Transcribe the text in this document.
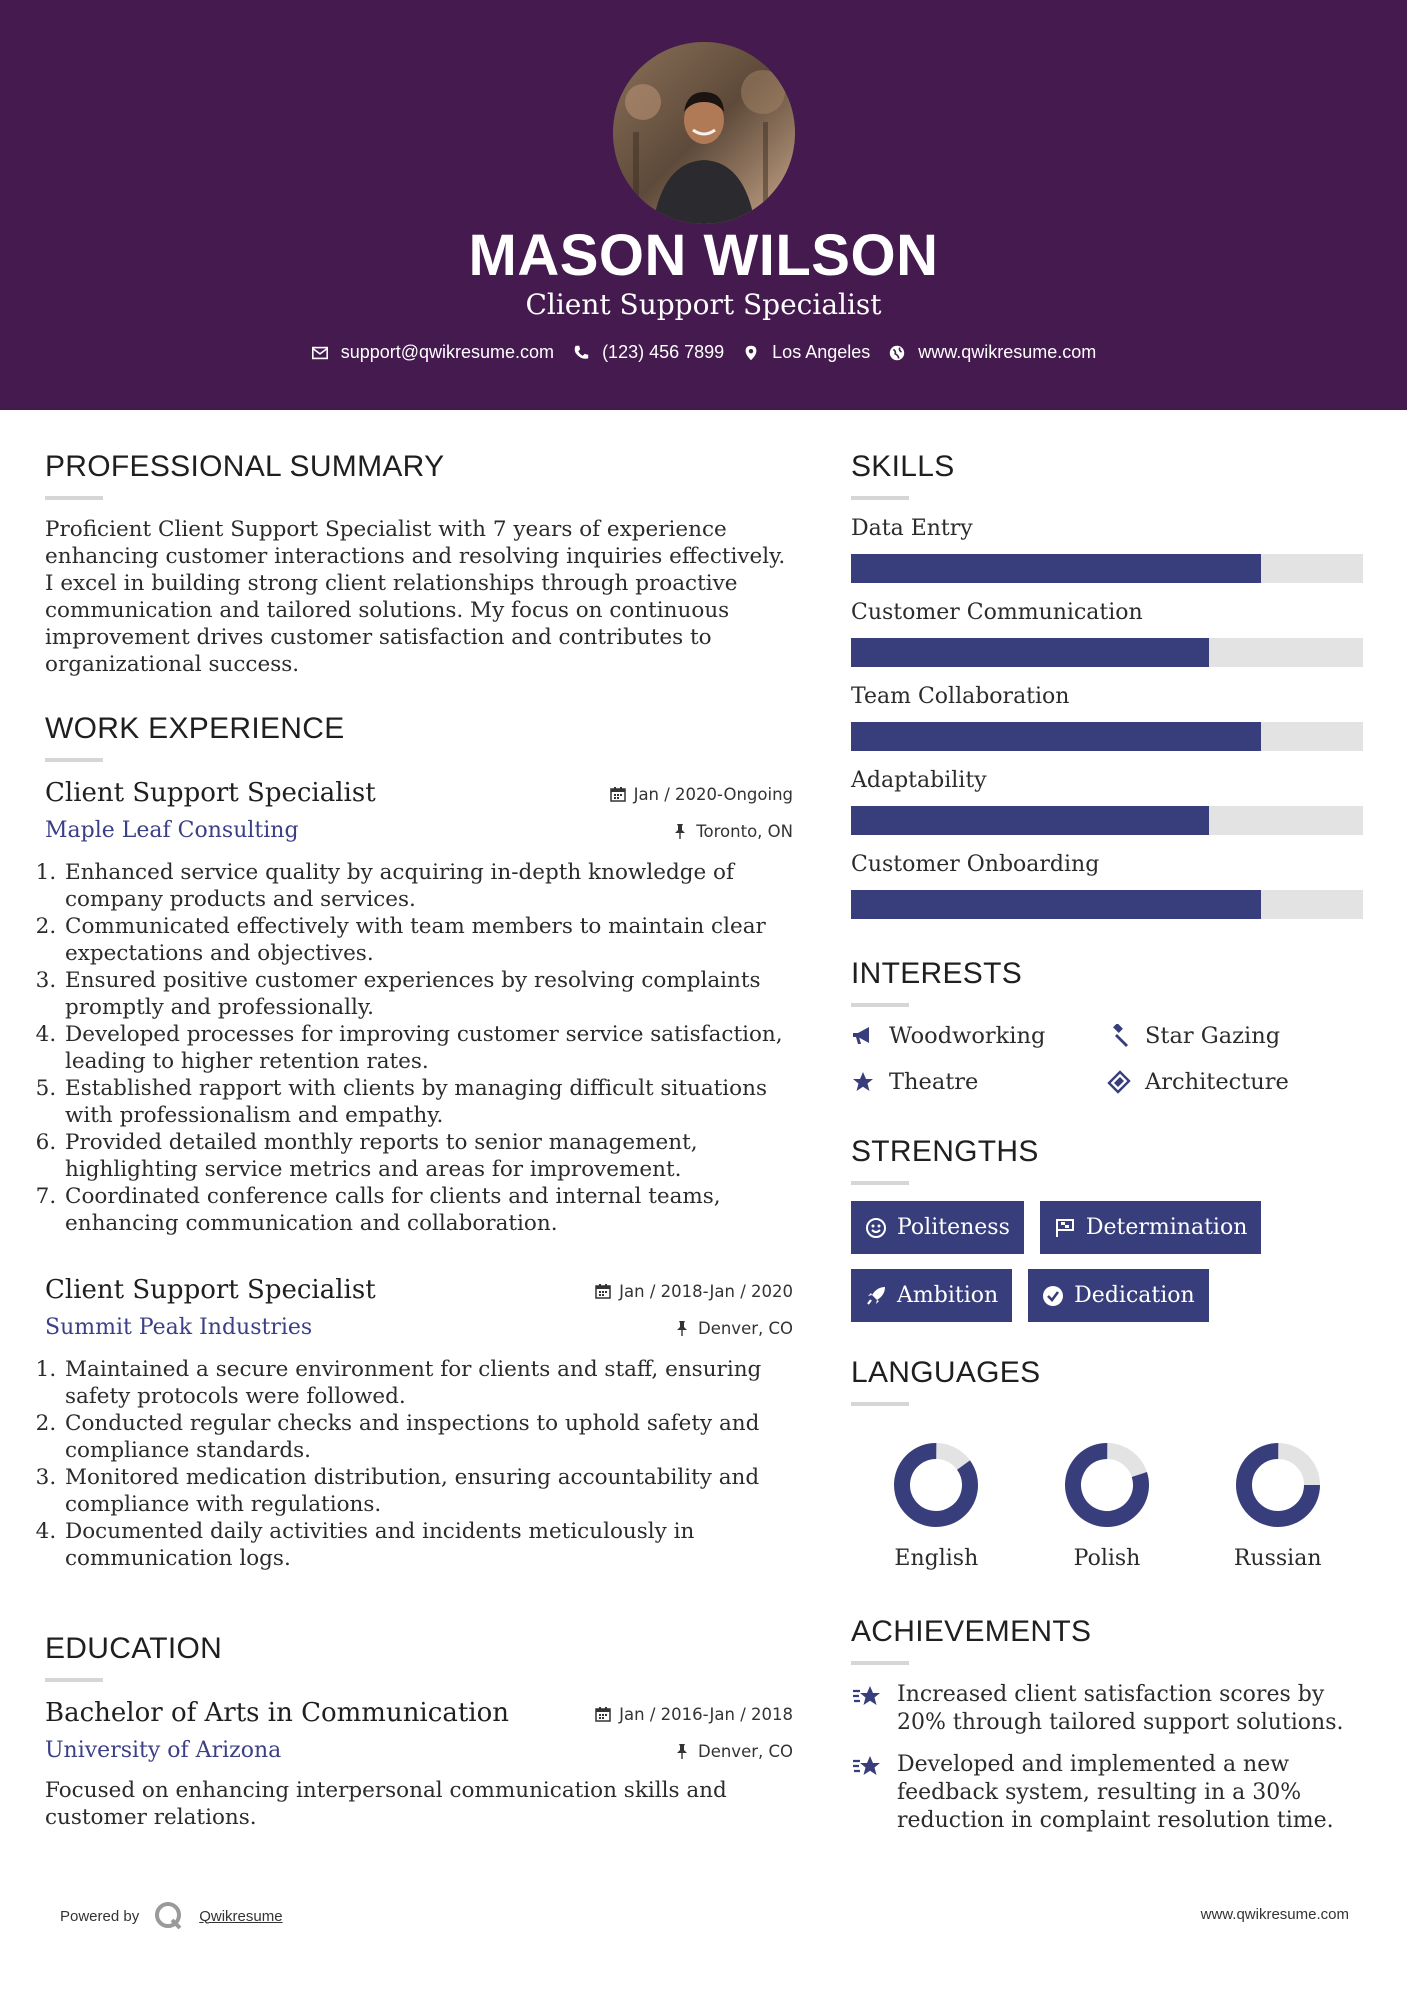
MASON WILSON
Client Support Specialist
support@qwikresume.com	(123) 456 7899	Los Angeles	www.qwikresume.com
PROFESSIONAL SUMMARY

Proficient Client Support Specialist with 7 years of experience enhancing customer interactions and resolving inquiries effectively. I excel in building strong client relationships through proactive communication and tailored solutions. My focus on continuous improvement drives customer satisfaction and contributes to organizational success.

WORK EXPERIENCE
Client Support Specialist
Maple Leaf Consulting
Jan / 2020-Ongoing
Toronto, ON
1. Enhanced service quality by acquiring in-depth knowledge of company products and services.
2. Communicated effectively with team members to maintain clear expectations and objectives.
3. Ensured positive customer experiences by resolving complaints promptly and professionally.
4. Developed processes for improving customer service satisfaction, leading to higher retention rates.
5. Established rapport with clients by managing difficult situations with professionalism and empathy.
6. Provided detailed monthly reports to senior management, highlighting service metrics and areas for improvement.
7. Coordinated conference calls for clients and internal teams, enhancing communication and collaboration.
Client Support Specialist
Summit Peak Industries
Jan / 2018-Jan / 2020
Denver, CO
1. Maintained a secure environment for clients and staff, ensuring safety protocols were followed.
2. Conducted regular checks and inspections to uphold safety and compliance standards.
3. Monitored medication distribution, ensuring accountability and compliance with regulations.
4. Documented daily activities and incidents meticulously in communication logs.
EDUCATION
Bachelor of Arts in Communication
University of Arizona
Jan / 2016-Jan / 2018
Denver, CO

Focused on enhancing interpersonal communication skills and customer relations.

SKILLS
Data Entry
Customer Communication
Team Collaboration
Adaptability
Customer Onboarding
INTERESTS
Woodworking	Star Gazing
Theatre	Architecture
STRENGTHS
Politeness	Determination
Ambition	Dedication
LANGUAGES
English	Polish	Russian
ACHIEVEMENTS
Increased client satisfaction scores by 20% through tailored support solutions.
Developed and implemented a new feedback system, resulting in a 30% reduction in complaint resolution time.
Powered by	Qwikresume	www.qwikresume.com
